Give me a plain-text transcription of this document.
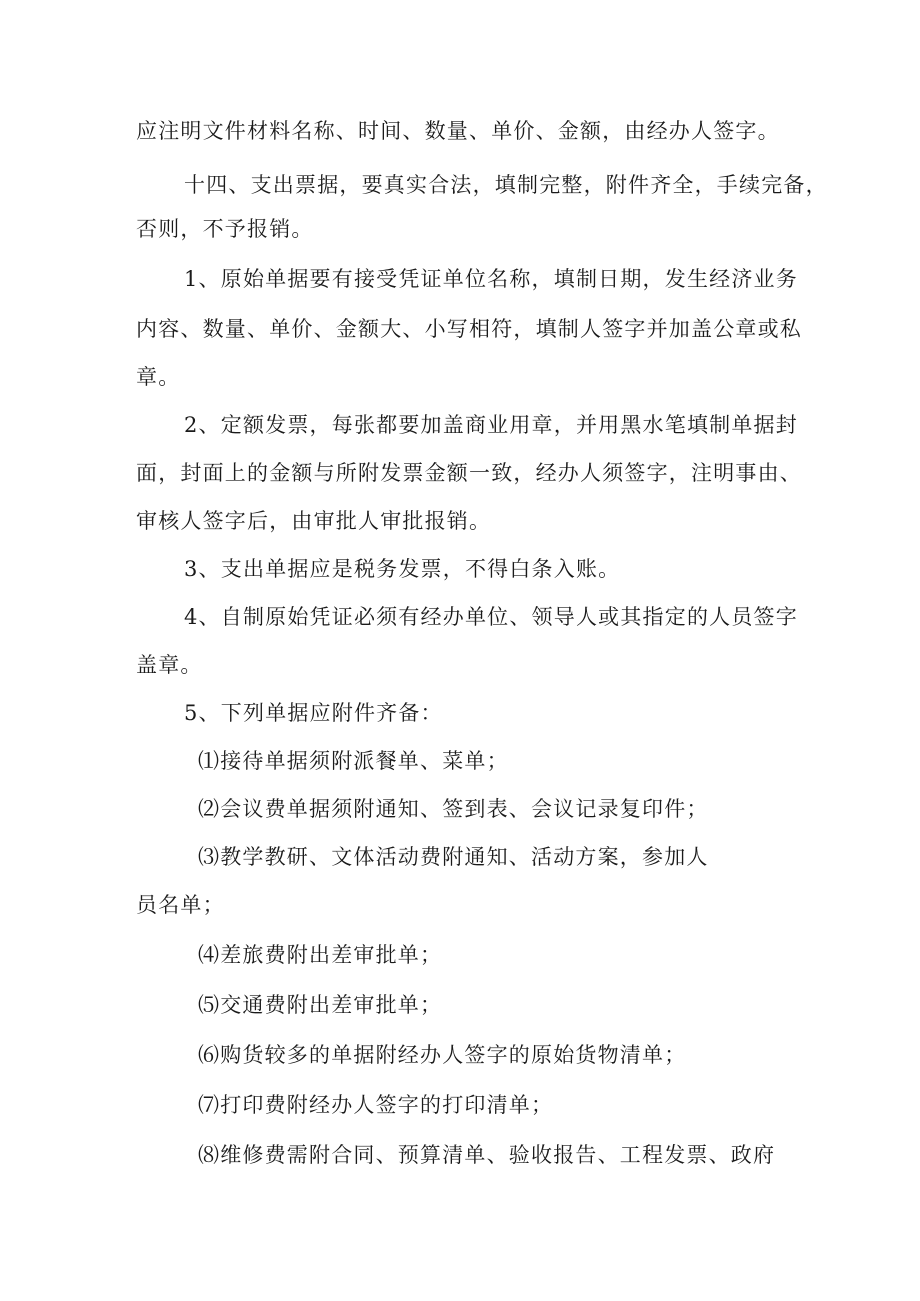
应注明文件材料名称、时间、数量、单价、金额，由经办人签字。

十四、支出票据，要真实合法，填制完整，附件齐全，手续完备，

否则，不予报销。

1、原始单据要有接受凭证单位名称，填制日期，发生经济业务

内容、数量、单价、金额大、小写相符，填制人签字并加盖公章或私

章。

2、定额发票，每张都要加盖商业用章，并用黑水笔填制单据封

面，封面上的金额与所附发票金额一致，经办人须签字，注明事由、

审核人签字后，由审批人审批报销。

3、支出单据应是税务发票，不得白条入账。

4、自制原始凭证必须有经办单位、领导人或其指定的人员签字

盖章。

5、下列单据应附件齐备：

⑴接待单据须附派餐单、菜单；

⑵会议费单据须附通知、签到表、会议记录复印件；

⑶教学教研、文体活动费附通知、活动方案，参加人

员名单；

⑷差旅费附出差审批单；

⑸交通费附出差审批单；

⑹购货较多的单据附经办人签字的原始货物清单；

⑺打印费附经办人签字的打印清单；

⑻维修费需附合同、预算清单、验收报告、工程发票、政府
